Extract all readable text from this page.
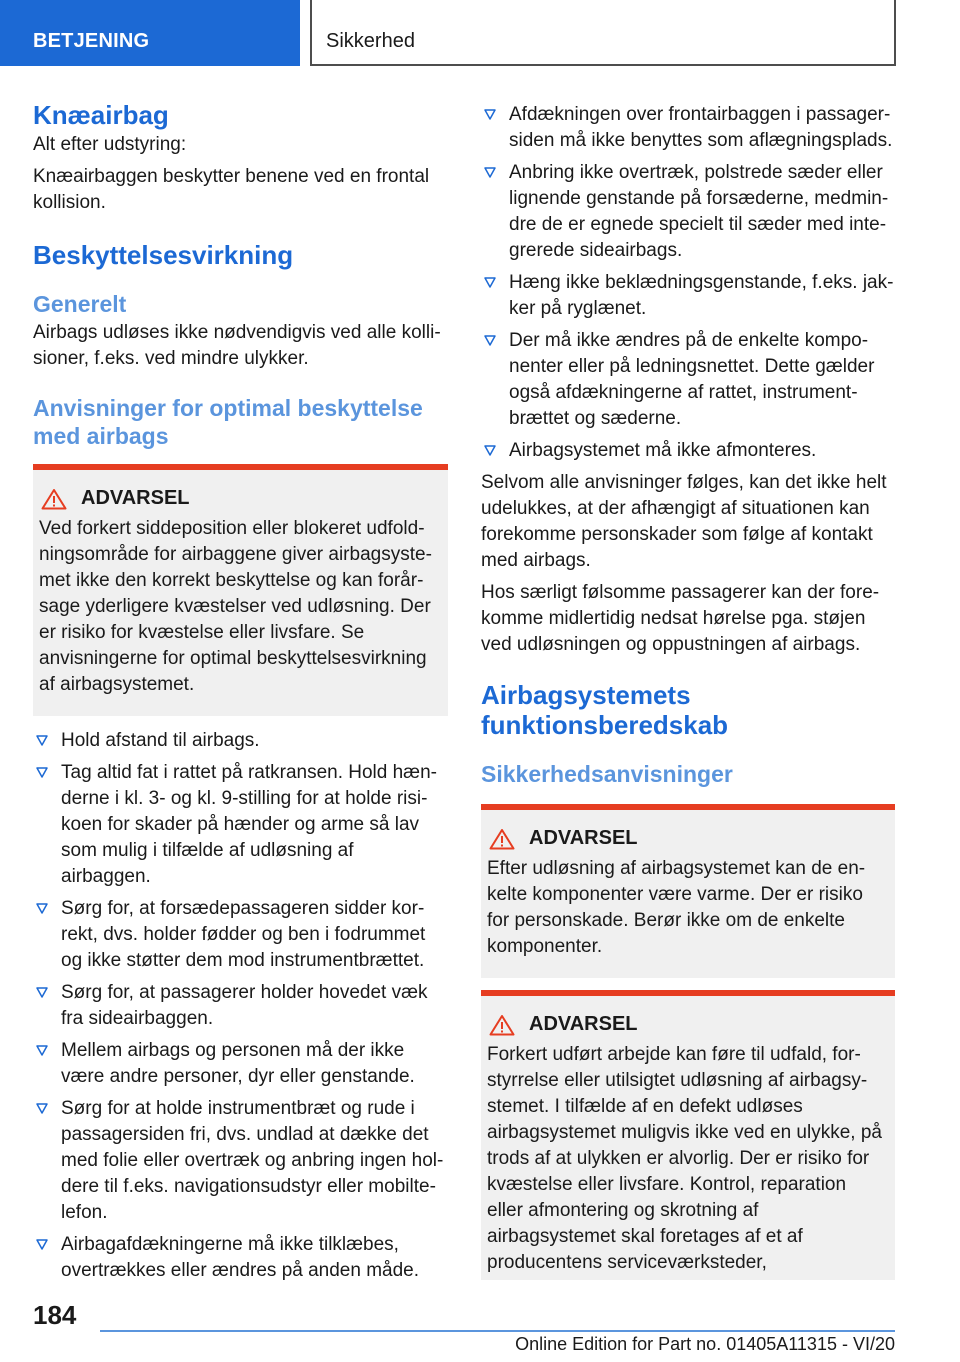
BETJENING	Sikkerhed
Knæairbag

Alt efter udstyring:

Knæairbaggen beskytter benene ved en frontal kollision.

Beskyttelsesvirkning
Generelt

Airbags udløses ikke nødvendigvis ved alle kollisioner, f.eks. ved mindre ulykker.

Anvisninger for optimal beskyttelse med airbags
ADVARSEL

Ved forkert siddeposition eller blokeret udfoldningsområde for airbaggene giver airbagsystemet ikke den korrekt beskyttelse og kan forårsage yderligere kvæstelser ved udløsning. Der er risiko for kvæstelse eller livsfare. Se anvisningerne for optimal beskyttelsesvirkning af airbagsystemet.

Hold afstand til airbags.
Tag altid fat i rattet på ratkransen. Hold hænderne i kl. 3- og kl. 9-stilling for at holde risikoen for skader på hænder og arme så lav som mulig i tilfælde af udløsning af airbaggen.
Sørg for, at forsædepassageren sidder korrekt, dvs. holder fødder og ben i fodrummet og ikke støtter dem mod instrumentbrættet.
Sørg for, at passagerer holder hovedet væk fra sideairbaggen.
Mellem airbags og personen må der ikke være andre personer, dyr eller genstande.
Sørg for at holde instrumentbræt og rude i passagersiden fri, dvs. undlad at dække det med folie eller overtræk og anbring ingen holdere til f.eks. navigationsudstyr eller mobiltelefon.
Airbagafdækningerne må ikke tilklæbes, overtrækkes eller ændres på anden måde.
Afdækningen over frontairbaggen i passagersiden må ikke benyttes som aflægningsplads.
Anbring ikke overtræk, polstrede sæder eller lignende genstande på forsæderne, medmindre de er egnede specielt til sæder med integrerede sideairbags.
Hæng ikke beklædningsgenstande, f.eks. jakker på ryglænet.
Der må ikke ændres på de enkelte komponenter eller på ledningsnettet. Dette gælder også afdækningerne af rattet, instrumentbrættet og sæderne.
Airbagsystemet må ikke afmonteres.

Selvom alle anvisninger følges, kan det ikke helt udelukkes, at der afhængigt af situationen kan forekomme personskader som følge af kontakt med airbags.

Hos særligt følsomme passagerer kan der forekomme midlertidig nedsat hørelse pga. støjen ved udløsningen og oppustningen af airbags.

Airbagsystemets funktionsberedskab
Sikkerhedsanvisninger
ADVARSEL

Efter udløsning af airbagsystemet kan de enkelte komponenter være varme. Der er risiko for personskade. Berør ikke om de enkelte komponenter.

ADVARSEL

Forkert udført arbejde kan føre til udfald, forstyrrelse eller utilsigtet udløsning af airbagsystemet. I tilfælde af en defekt udløses airbagsystemet muligvis ikke ved en ulykke, på trods af at ulykken er alvorlig. Der er risiko for kvæstelse eller livsfare. Kontrol, reparation eller afmontering og skrotning af airbagsystemet skal foretages af et af producentens serviceværksteder,

184
Online Edition for Part no. 01405A11315 - VI/20
